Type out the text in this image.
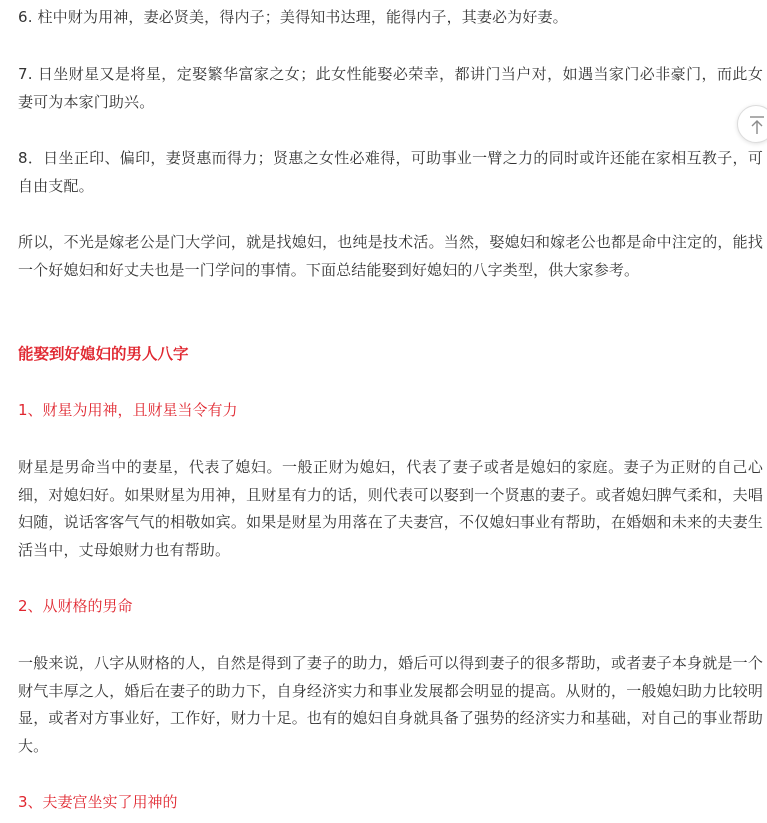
6. 柱中财为用神，妻必贤美，得内子；美得知书达理，能得内子，其妻必为好妻。

7. 日坐财星又是将星，定娶繁华富家之女；此女性能娶必荣幸，都讲门当户对，如遇当家门必非豪门，而此女妻可为本家门助兴。

8．日坐正印、偏印，妻贤惠而得力；贤惠之女性必难得，可助事业一臂之力的同时或许还能在家相互教子，可自由支配。

所以，不光是嫁老公是门大学问，就是找媳妇，也纯是技术活。当然，娶媳妇和嫁老公也都是命中注定的，能找一个好媳妇和好丈夫也是一门学问的事情。下面总结能娶到好媳妇的八字类型，供大家参考。

能娶到好媳妇的男人八字

1、财星为用神，且财星当令有力

财星是男命当中的妻星，代表了媳妇。一般正财为媳妇，代表了妻子或者是媳妇的家庭。妻子为正财的自己心细，对媳妇好。如果财星为用神，且财星有力的话，则代表可以娶到一个贤惠的妻子。或者媳妇脾气柔和，夫唱妇随，说话客客气气的相敬如宾。如果是财星为用落在了夫妻宫，不仅媳妇事业有帮助，在婚姻和未来的夫妻生活当中，丈母娘财力也有帮助。

2、从财格的男命

一般来说，八字从财格的人，自然是得到了妻子的助力，婚后可以得到妻子的很多帮助，或者妻子本身就是一个财气丰厚之人，婚后在妻子的助力下，自身经济实力和事业发展都会明显的提高。从财的，一般媳妇助力比较明显，或者对方事业好，工作好，财力十足。也有的媳妇自身就具备了强势的经济实力和基础，对自己的事业帮助大。

3、夫妻宫坐实了用神的
